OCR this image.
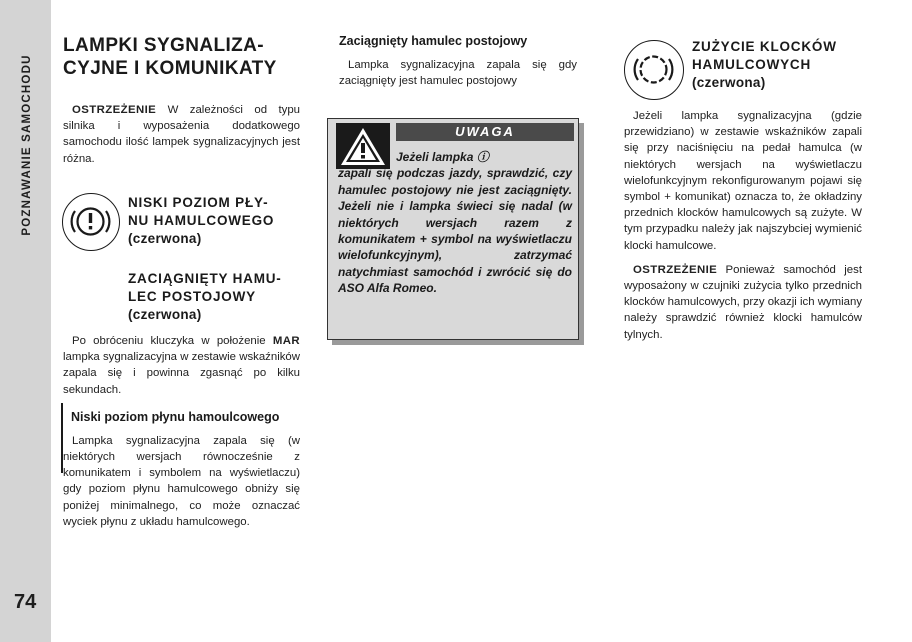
POZNAWANIE SAMOCHODU
74
LAMPKI SYGNALIZA-
CYJNE I KOMUNIKATY

OSTRZEŻENIE W zależności od typu silnika i wyposażenia dodatkowego samochodu ilość lampek sygnalizacyjnych jest różna.

NISKI POZIOM PŁY-
NU HAMULCOWEGO
(czerwona)
ZACIĄGNIĘTY HAMU-
LEC POSTOJOWY
(czerwona)

Po obróceniu kluczyka w położenie MAR lampka sygnalizacyjna w zestawie wskaźników zapala się i powinna zgasnąć po kilku sekundach.

Niski poziom płynu hamoulcowego

Lampka sygnalizacyjna zapala się (w niektórych wersjach równocześnie z komunikatem i symbolem na wyświetlaczu) gdy poziom płynu hamulcowego obniży się poniżej minimalnego, co może oznaczać wyciek płynu z układu hamulcowego.

Zaciągnięty hamulec postojowy

Lampka sygnalizacyjna zapala się gdy zaciągnięty jest hamulec postojowy

UWAGA

Jeżeli lampka ⓘ
zapali się podczas jazdy, sprawdzić, czy hamulec postojowy nie jest zaciągnięty. Jeżeli nie i lampka świeci się nadal (w niektórych wersjach razem z komunikatem + symbol na wyświetlaczu wielofunkcyjnym), zatrzymać natychmiast samochód i zwrócić się do ASO Alfa Romeo.

ZUŻYCIE KLOCKÓW
HAMULCOWYCH
(czerwona)

Jeżeli lampka sygnalizacyjna (gdzie przewidziano) w zestawie wskaźników zapali się przy naciśnięciu na pedał hamulca (w niektórych wersjach na wyświetlaczu wielofunkcyjnym rekonfigurowanym pojawi się symbol + komunikat) oznacza to, że okładziny przednich klocków hamulcowych są zużyte. W tym przypadku należy jak najszybciej wymienić klocki hamulcowe.

OSTRZEŻENIE Ponieważ samochód jest wyposażony w czujniki zużycia tylko przednich klocków hamulcowych, przy okazji ich wymiany należy sprawdzić również klocki hamulców tylnych.
